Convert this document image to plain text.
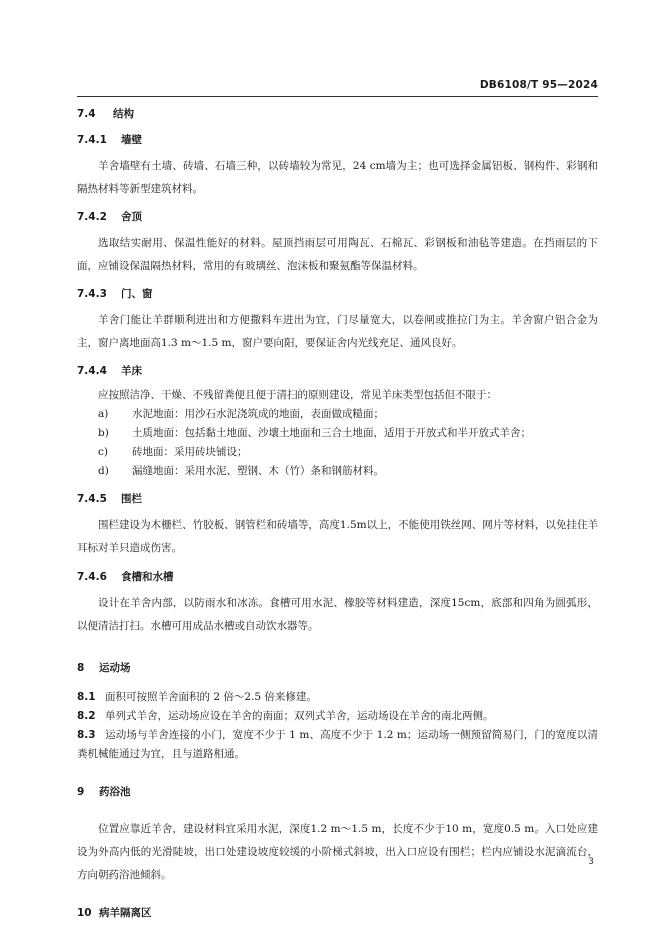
DB6108/T 95—2024
7.4 结构
7.4.1 墙壁

羊舍墙壁有土墙、砖墙、石墙三种，以砖墙较为常见，24 cm墙为主；也可选择金属铝板、钢构件、彩钢和隔热材料等新型建筑材料。

7.4.2 舍顶

选取结实耐用、保温性能好的材料。屋顶挡雨层可用陶瓦、石棉瓦、彩钢板和油毡等建造。在挡雨层的下面，应铺设保温隔热材料，常用的有玻璃丝、泡沫板和聚氨酯等保温材料。

7.4.3 门、窗

羊舍门能让羊群顺利进出和方便撒料车进出为宜，门尽量宽大，以卷闸或推拉门为主。羊舍窗户铝合金为主，窗户离地面高1.3 m～1.5 m，窗户要向阳，要保证舍内光线充足、通风良好。

7.4.4 羊床

应按照洁净、干燥、不残留粪便且便于清扫的原则建设，常见羊床类型包括但不限于：

a)	水泥地面：用沙石水泥浇筑成的地面，表面做成糙面；
b)	土质地面：包括黏土地面、沙壤土地面和三合土地面，适用于开放式和半开放式羊舍；
c)	砖地面：采用砖块铺设；
d)	漏缝地面：采用水泥、塑钢、木（竹）条和钢筋材料。
7.4.5 围栏

围栏建设为木栅栏、竹胶板、钢管栏和砖墙等，高度1.5m以上，不能使用铁丝网、网片等材料，以免挂住羊耳标对羊只造成伤害。

7.4.6 食槽和水槽

设计在羊舍内部，以防雨水和冰冻。食槽可用水泥、橡胶等材料建造，深度15cm，底部和四角为圆弧形，以便清洁打扫。水槽可用成品水槽或自动饮水器等。

8 运动场

8.1 面积可按照羊舍面积的 2 倍～2.5 倍来修建。

8.2 单列式羊舍，运动场应设在羊舍的南面；双列式羊舍，运动场设在羊舍的南北两侧。

8.3 运动场与羊舍连接的小门，宽度不少于 1 m、高度不少于 1.2 m；运动场一侧预留简易门，门的宽度以清粪机械能通过为宜，且与道路相通。

9 药浴池

位置应靠近羊舍，建设材料宜采用水泥，深度1.2 m～1.5 m，长度不少于10 m，宽度0.5 m。入口处应建设为外高内低的光滑陡坡，出口处建设坡度较缓的小阶梯式斜坡，出入口应设有围栏；栏内应铺设水泥滴流台，方向朝药浴池倾斜。

10 病羊隔离区
3
